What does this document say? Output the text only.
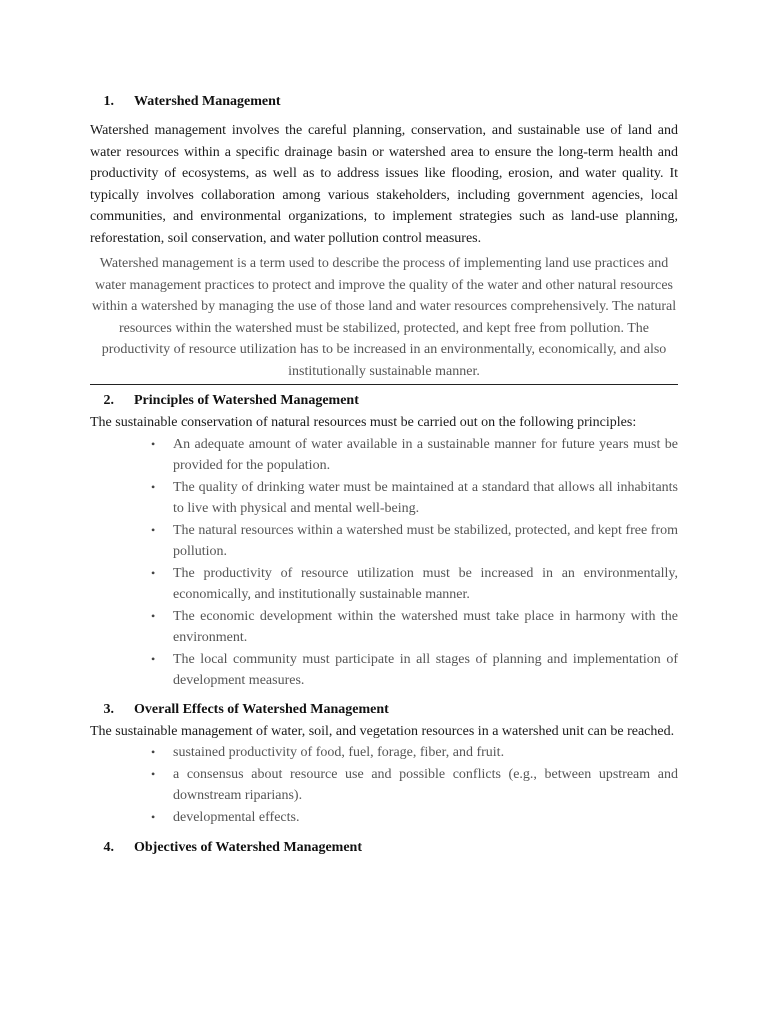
1. Watershed Management

Watershed management involves the careful planning, conservation, and sustainable use of land and water resources within a specific drainage basin or watershed area to ensure the long-term health and productivity of ecosystems, as well as to address issues like flooding, erosion, and water quality. It typically involves collaboration among various stakeholders, including government agencies, local communities, and environmental organizations, to implement strategies such as land-use planning, reforestation, soil conservation, and water pollution control measures.

Watershed management is a term used to describe the process of implementing land use practices and water management practices to protect and improve the quality of the water and other natural resources within a watershed by managing the use of those land and water resources comprehensively. The natural resources within the watershed must be stabilized, protected, and kept free from pollution. The productivity of resource utilization has to be increased in an environmentally, economically, and also institutionally sustainable manner.

2. Principles of Watershed Management

The sustainable conservation of natural resources must be carried out on the following principles:

• An adequate amount of water available in a sustainable manner for future years must be provided for the population.
• The quality of drinking water must be maintained at a standard that allows all inhabitants to live with physical and mental well-being.
• The natural resources within a watershed must be stabilized, protected, and kept free from pollution.
• The productivity of resource utilization must be increased in an environmentally, economically, and institutionally sustainable manner.
• The economic development within the watershed must take place in harmony with the environment.
• The local community must participate in all stages of planning and implementation of development measures.
3. Overall Effects of Watershed Management

The sustainable management of water, soil, and vegetation resources in a watershed unit can be reached.

• sustained productivity of food, fuel, forage, fiber, and fruit.
• a consensus about resource use and possible conflicts (e.g., between upstream and downstream riparians).
• developmental effects.
4. Objectives of Watershed Management
